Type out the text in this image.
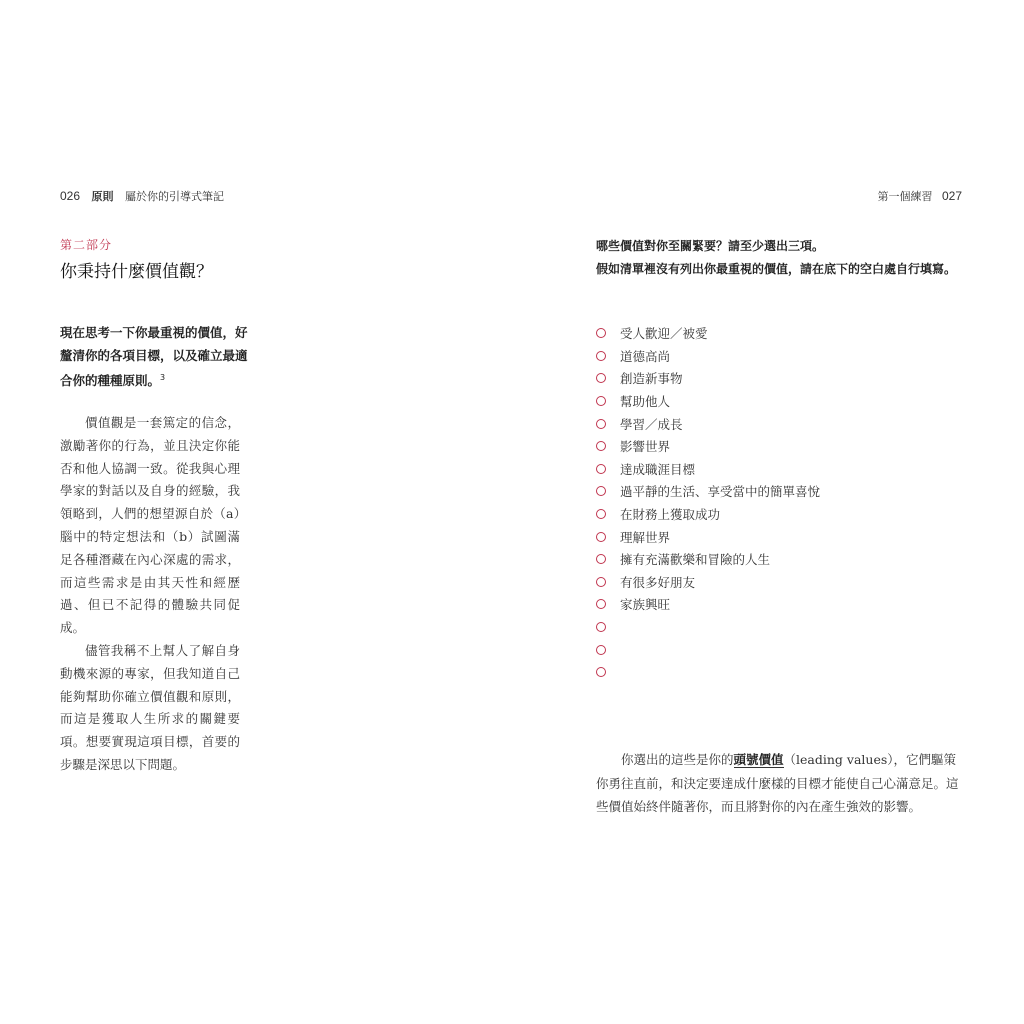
026 原則 屬於你的引導式筆記	第一個練習 027
第二部分
你秉持什麼價值觀？
現在思考一下你最重視的價值，好釐清你的各項目標，以及確立最適合你的種種原則。$^3$

價值觀是一套篤定的信念，激勵著你的行為，並且決定你能否和他人協調一致。從我與心理學家的對話以及自身的經驗，我領略到，人們的想望源自於（a）腦中的特定想法和（b）試圖滿足各種潛藏在內心深處的需求，而這些需求是由其天性和經歷過、但已不記得的體驗共同促成。

儘管我稱不上幫人了解自身動機來源的專家，但我知道自己能夠幫助你確立價值觀和原則，而這是獲取人生所求的關鍵要項。想要實現這項目標，首要的步驟是深思以下問題。

哪些價值對你至關緊要？請至少選出三項。

假如清單裡沒有列出你最重視的價值，請在底下的空白處自行填寫。

受人歡迎／被愛
道德高尚
創造新事物
幫助他人
學習／成長
影響世界
達成職涯目標
過平靜的生活、享受當中的簡單喜悅
在財務上獲取成功
理解世界
擁有充滿歡樂和冒險的人生
有很多好朋友
家族興旺

你選出的這些是你的頭號價值（leading values），它們驅策你勇往直前，和決定要達成什麼樣的目標才能使自己心滿意足。這些價值始終伴隨著你，而且將對你的內在產生強效的影響。
